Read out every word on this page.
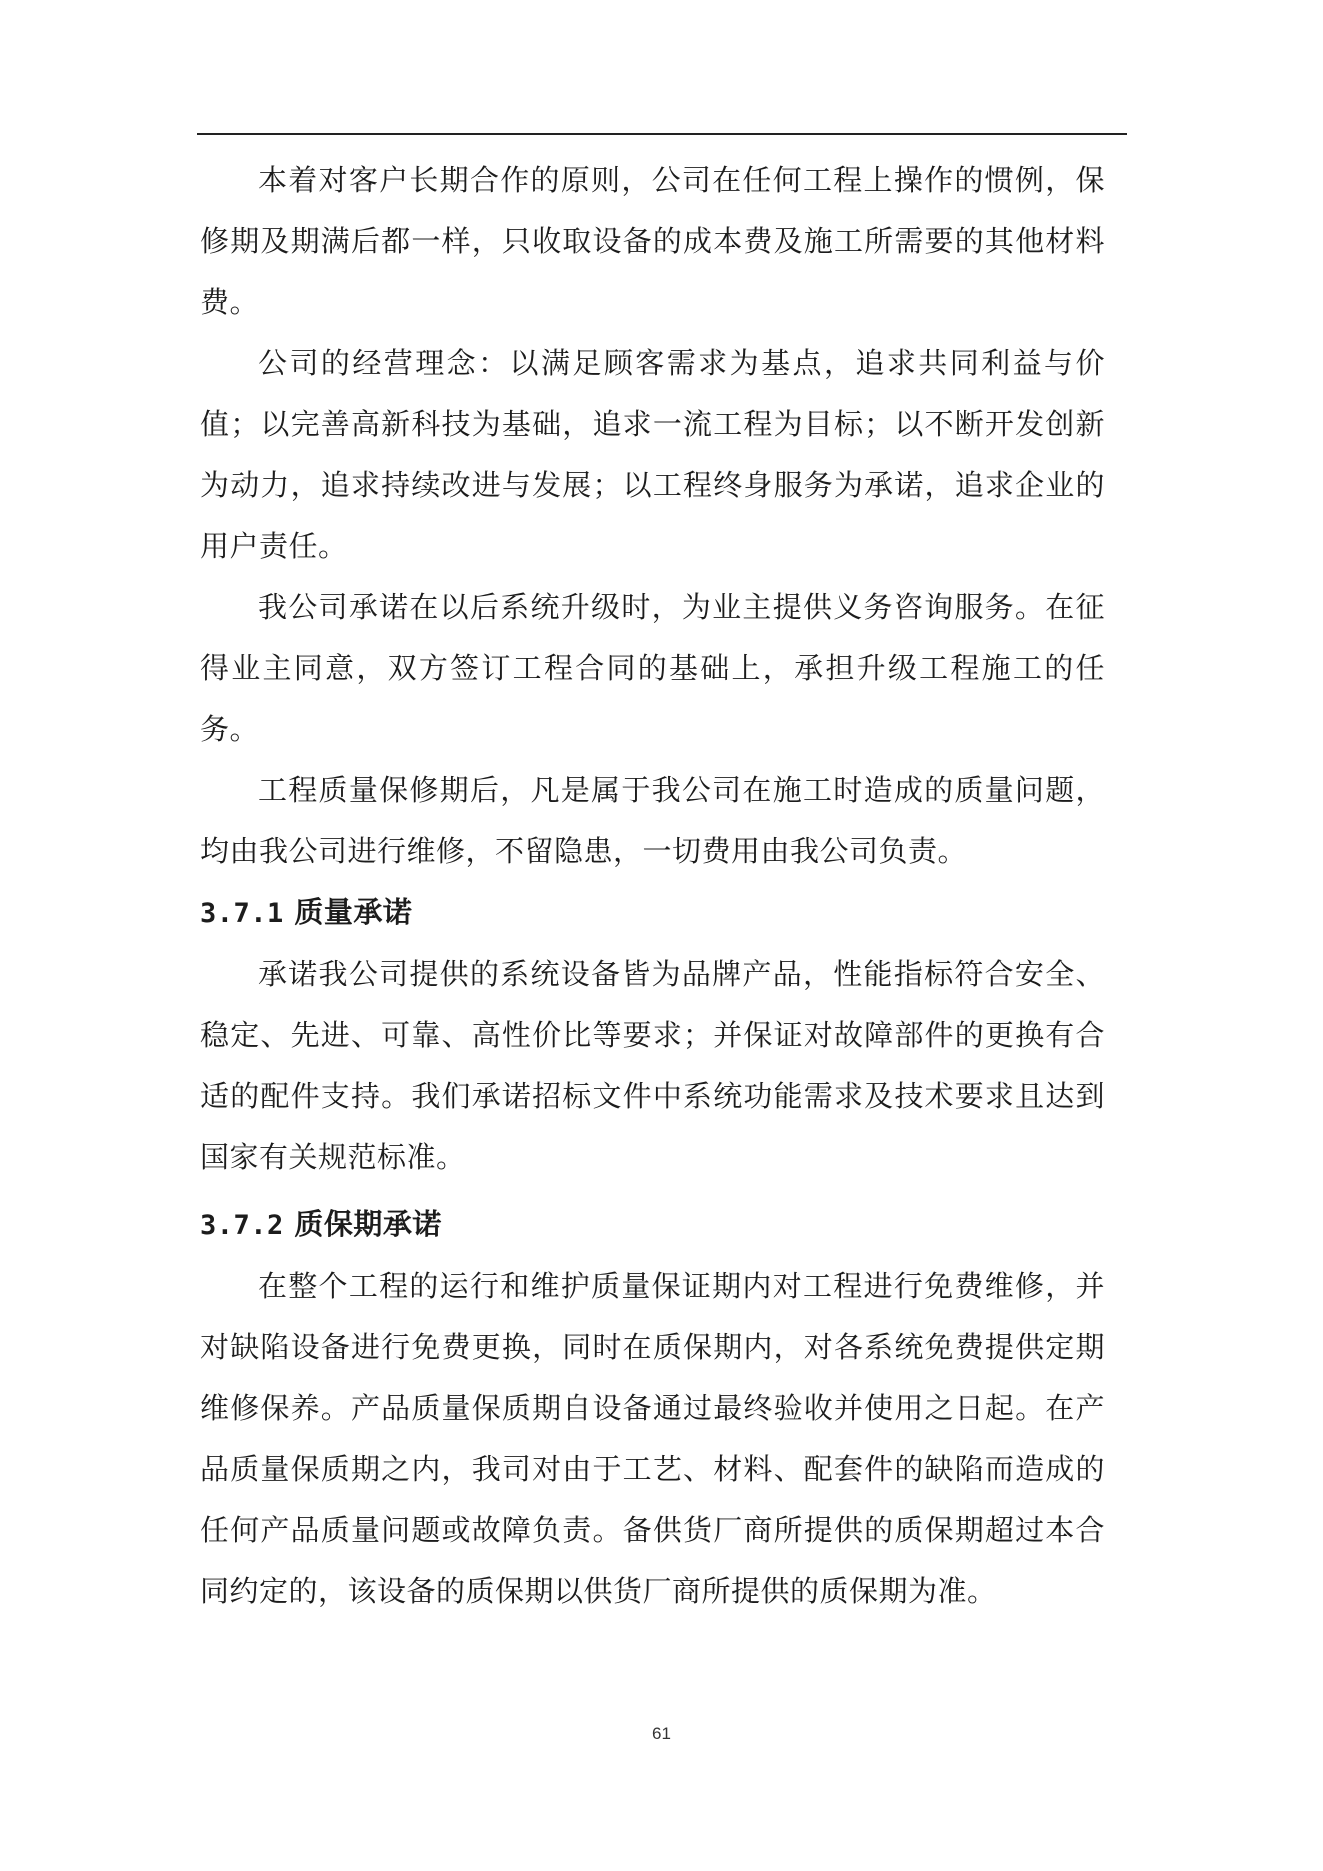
本着对客户长期合作的原则，公司在任何工程上操作的惯例，保修期及期满后都一样，只收取设备的成本费及施工所需要的其他材料费。

公司的经营理念：以满足顾客需求为基点，追求共同利益与价值；以完善高新科技为基础，追求一流工程为目标；以不断开发创新为动力，追求持续改进与发展；以工程终身服务为承诺，追求企业的用户责任。

我公司承诺在以后系统升级时，为业主提供义务咨询服务。在征得业主同意，双方签订工程合同的基础上，承担升级工程施工的任务。

工程质量保修期后，凡是属于我公司在施工时造成的质量问题，均由我公司进行维修，不留隐患，一切费用由我公司负责。

3.7.1 质量承诺

承诺我公司提供的系统设备皆为品牌产品，性能指标符合安全、稳定、先进、可靠、高性价比等要求；并保证对故障部件的更换有合适的配件支持。我们承诺招标文件中系统功能需求及技术要求且达到国家有关规范标准。

3.7.2 质保期承诺

在整个工程的运行和维护质量保证期内对工程进行免费维修，并对缺陷设备进行免费更换，同时在质保期内，对各系统免费提供定期维修保养。产品质量保质期自设备通过最终验收并使用之日起。在产品质量保质期之内，我司对由于工艺、材料、配套件的缺陷而造成的任何产品质量问题或故障负责。备供货厂商所提供的质保期超过本合同约定的，该设备的质保期以供货厂商所提供的质保期为准。

61
